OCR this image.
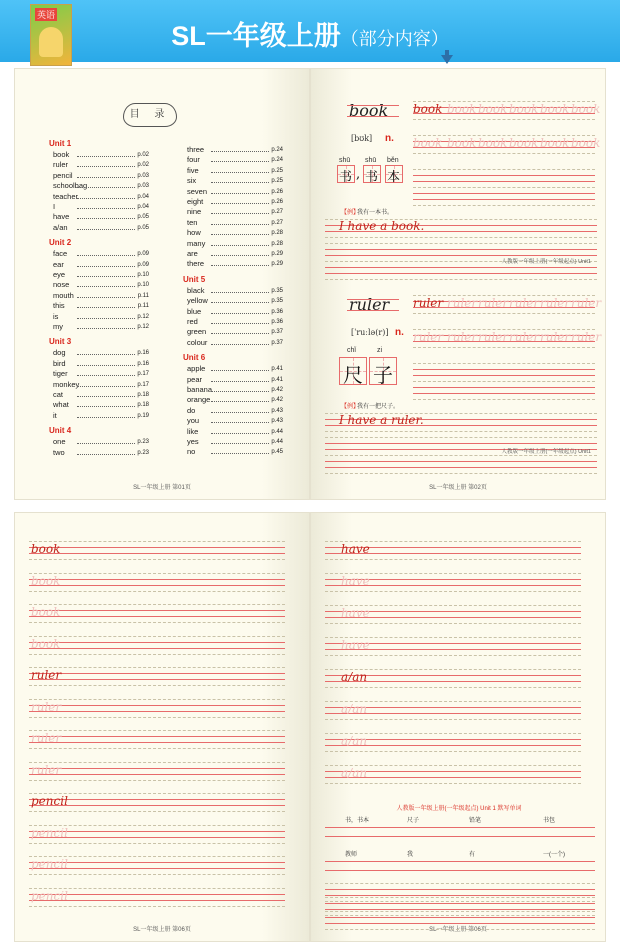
英语
SL一年级上册（部分内容）
目 录
SL一年级上册 第01页
Unit 1
book	p.02
ruler	p.02
pencil	p.03
schoolbag	p.03
teacher	p.04
I	p.04
have	p.05
a/an	p.05
Unit 2
face	p.09
ear	p.09
eye	p.10
nose	p.10
mouth	p.11
this	p.11
is	p.12
my	p.12
Unit 3
dog	p.16
bird	p.16
tiger	p.17
monkey	p.17
cat	p.18
what	p.18
it	p.19
Unit 4
one	p.23
two	p.23
three	p.24
four	p.24
five	p.25
six	p.25
seven	p.26
eight	p.26
nine	p.27
ten	p.27
how	p.28
many	p.28
are	p.29
there	p.29
Unit 5
black	p.35
yellow	p.35
blue	p.36
red	p.36
green	p.37
colour	p.37
Unit 6
apple	p.41
pear	p.41
banana	p.42
orange	p.42
do	p.43
you	p.43
like	p.44
yes	p.44
no	p.45
SL一年级上册 第02页
book
[bʊk] n.
shū
书
shū
书
běn
本
,
book book book book book book
book book book book book book
【例】
我有一本书。
I have a book.
ruler
[ˈruːlə(r)] n.
chǐ
尺
zi
子
ruler ruler ruler ruler ruler ruler
ruler ruler ruler ruler ruler ruler
【例】
我有一把尺子。
I have a ruler.
人教版一年级上册(一年级起点) Unit1
人教版一年级上册(一年级起点) Unit1
SL一年级上册 第06页
book
book
book
book
ruler
ruler
ruler
ruler
pencil
pencil
pencil
pencil
人教版一年级上册(一年级起点) Unit 1 默写单词
SL一年级上册 第06页
have
have
have
have
a/an
a/an
a/an
a/an
书，书本	尺子	铅笔	书包
教师	我	有	一(一个)
